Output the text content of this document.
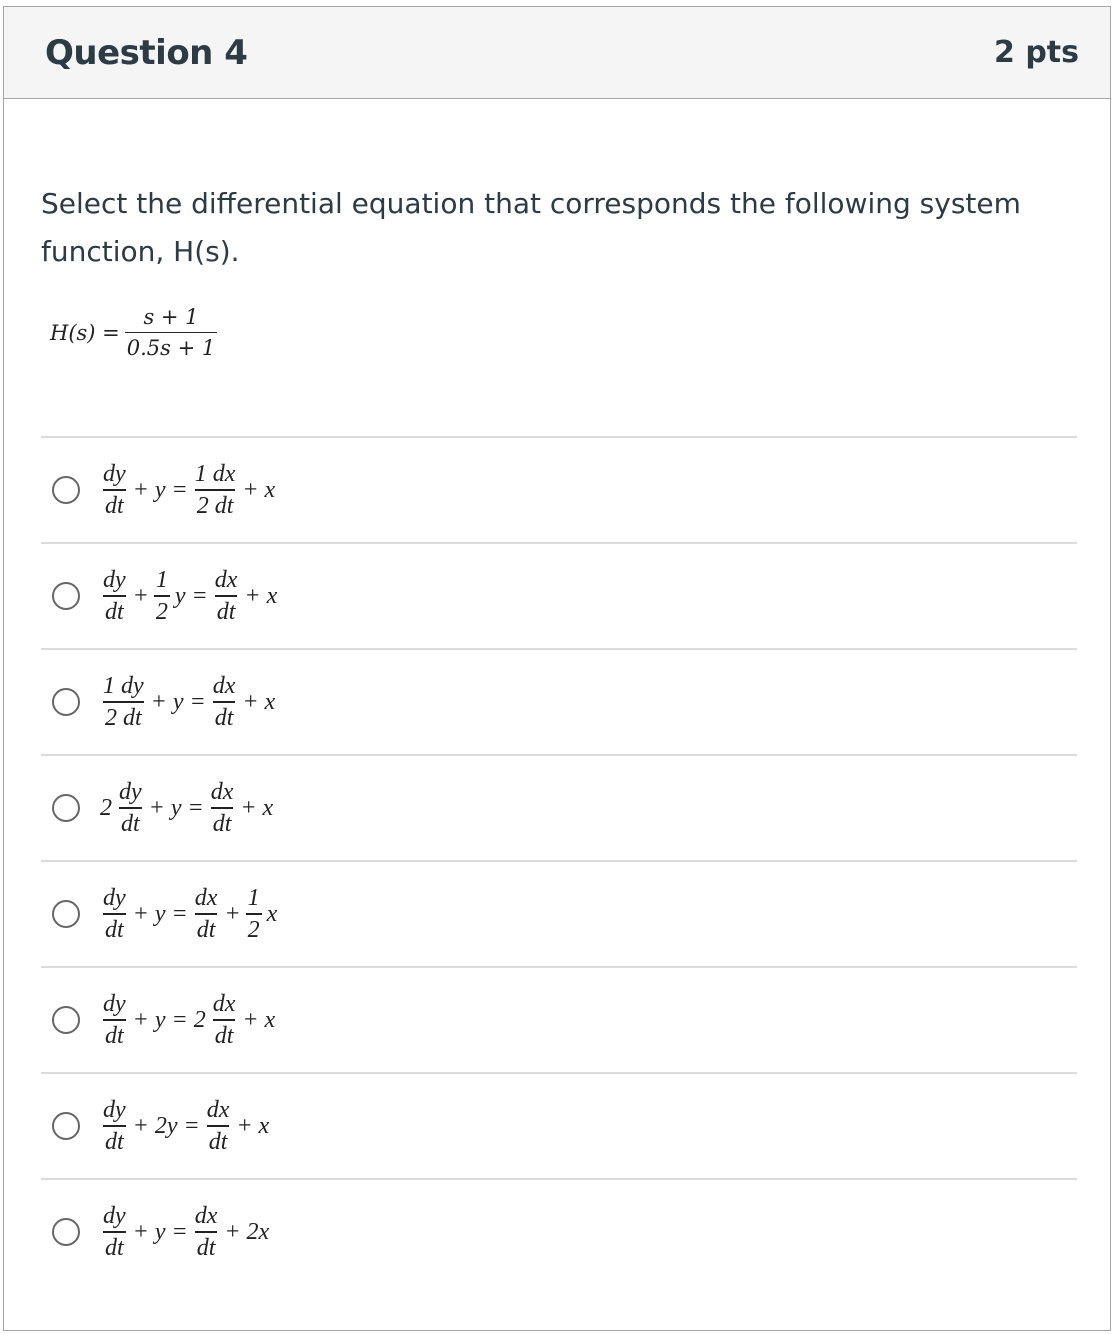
Question 4	2 pts
Select the differential equation that corresponds the following system function, H(s).
$H(s) = \frac{s + 1}{0.5s + 1}$
$\frac{dy}{dt} + y = \frac{1 dx}{2 dt} + x$
$\frac{dy}{dt} + \frac{1}{2}$ $y = \frac{dx}{dt} + x$
$\frac{1 dy}{2 dt} + y = \frac{dx}{dt} + x$
$2 \frac{dy}{dt} + y = \frac{dx}{dt} + x$
$\frac{dy}{dt} + y = \frac{dx}{dt} + \frac{1}{2}$ x
$\frac{dy}{dt} + y = 2 \frac{dx}{dt} + x$
$\frac{dy}{dt} + 2y = \frac{dx}{dt} + x$
$\frac{dy}{dt} + y = \frac{dx}{dt} + 2x$
